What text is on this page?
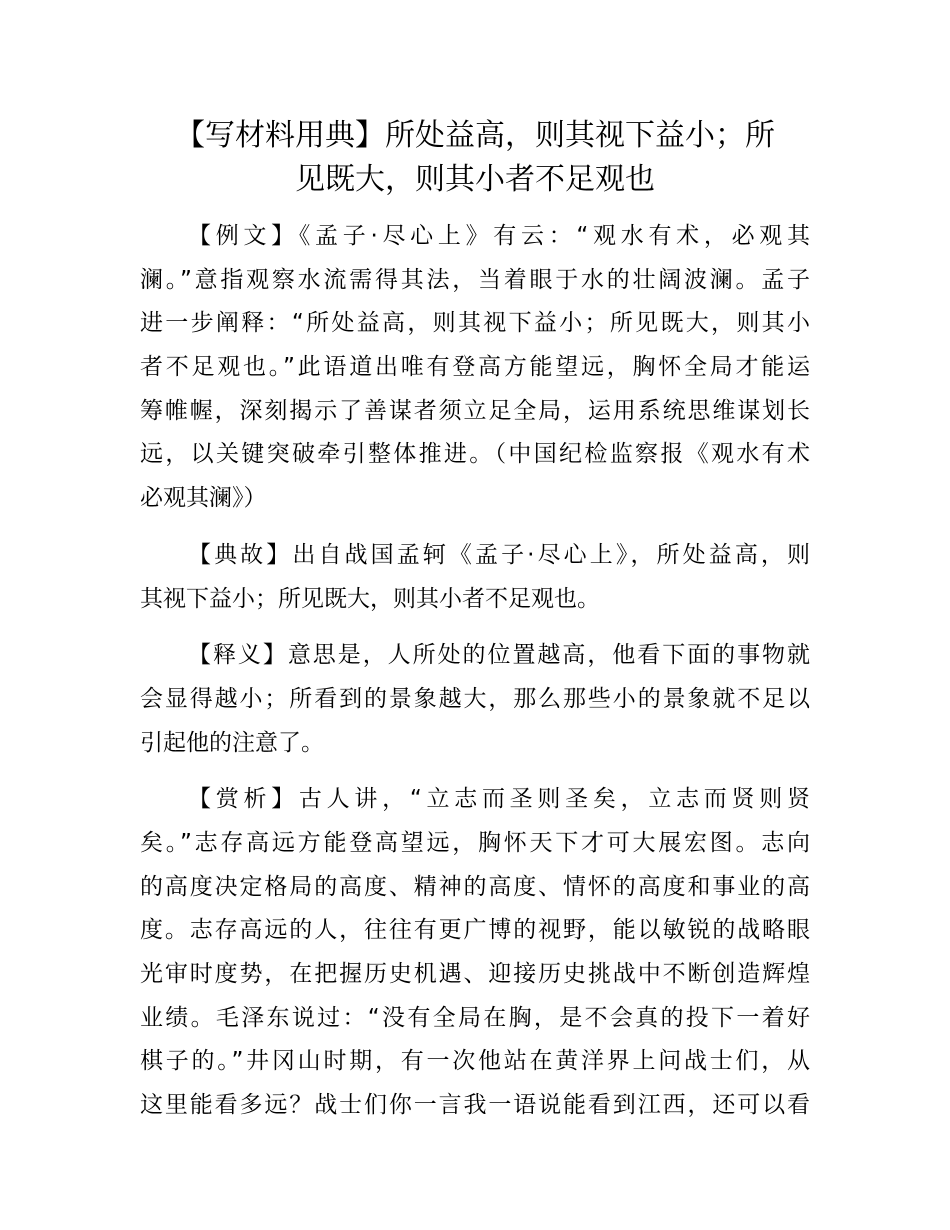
【写材料用典】所处益高，则其视下益小；所
见既大，则其小者不足观也
【例文】《孟子·尽心上》有云：“观水有术，必观其
澜。”意指观察水流需得其法，当着眼于水的壮阔波澜。孟子
进一步阐释：“所处益高，则其视下益小；所见既大，则其小
者不足观也。”此语道出唯有登高方能望远，胸怀全局才能运
筹帷幄，深刻揭示了善谋者须立足全局，运用系统思维谋划长
远，以关键突破牵引整体推进。（中国纪检监察报《观水有术
必观其澜》）
【典故】出自战国孟轲《孟子·尽心上》，所处益高，则
其视下益小；所见既大，则其小者不足观也。
【释义】意思是，人所处的位置越高，他看下面的事物就
会显得越小；所看到的景象越大，那么那些小的景象就不足以
引起他的注意了。
【赏析】古人讲，“立志而圣则圣矣，立志而贤则贤
矣。”志存高远方能登高望远，胸怀天下才可大展宏图。志向
的高度决定格局的高度、精神的高度、情怀的高度和事业的高
度。志存高远的人，往往有更广博的视野，能以敏锐的战略眼
光审时度势，在把握历史机遇、迎接历史挑战中不断创造辉煌
业绩。毛泽东说过：“没有全局在胸，是不会真的投下一着好
棋子的。”井冈山时期，有一次他站在黄洋界上问战士们，从
这里能看多远？战士们你一言我一语说能看到江西，还可以看
